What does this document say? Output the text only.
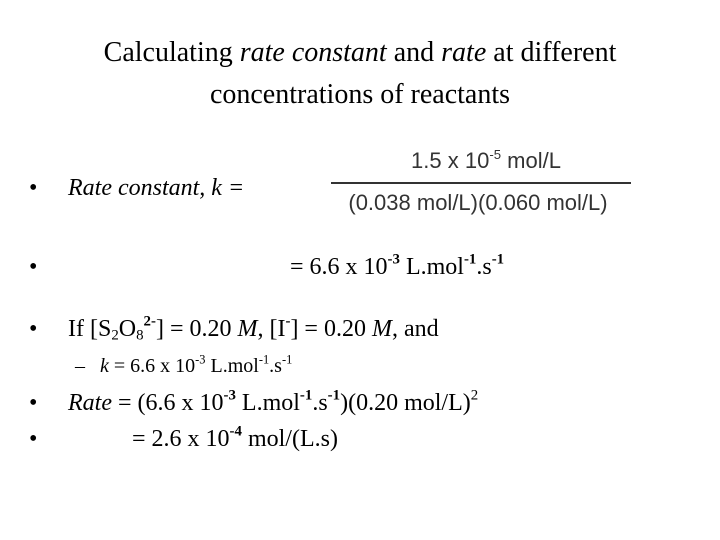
Calculating rate constant and rate at different
concentrations of reactants
• Rate constant, k =
1.5 x $10^{-5}$ mol/L
(0.038 mol/L)(0.060 mol/L)
•	= 6.6 x $10^{-3}$ $L.mol^{-1}.s^{-1}$
• If $[S_2O_8^{2-}] = 0.20$ M, [I-] = 0.20 M, and
– k = 6.6 x $10^{-3}$ $L.mol^{-1}.s^{-1}$
• Rate = (6.6 x $10^{-3}$ $L.mol^{-1}.s^{-1})(0.20$ mol/L)$^2$
•	= 2.6 x $10^{-4}$ mol/(L.s)
